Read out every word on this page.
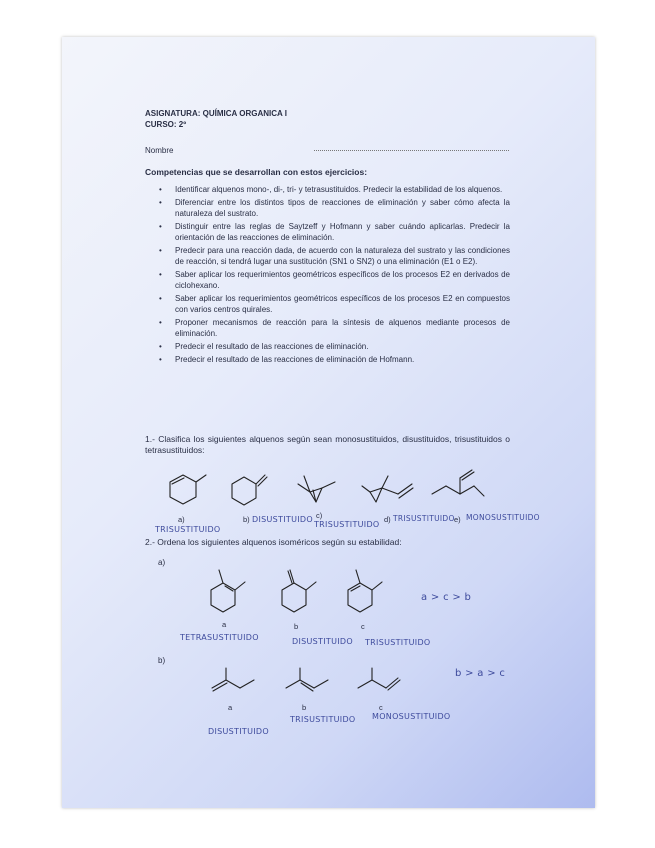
ASIGNATURA: QUÍMICA ORGANICA I
CURSO: 2º
Nombre
Competencias que se desarrollan con estos ejercicios:
• Identificar alquenos mono-, di-, tri- y tetrasustituidos. Predecir la estabilidad de los alquenos.
• Diferenciar entre los distintos tipos de reacciones de eliminación y saber cómo afecta la naturaleza del sustrato.
• Distinguir entre las reglas de Saytzeff y Hofmann y saber cuándo aplicarlas. Predecir la orientación de las reacciones de eliminación.
• Predecir para una reacción dada, de acuerdo con la naturaleza del sustrato y las condiciones de reacción, si tendrá lugar una sustitución (SN1 o SN2) o una eliminación (E1 o E2).
• Saber aplicar los requerimientos geométricos específicos de los procesos E2 en derivados de ciclohexano.
• Saber aplicar los requerimientos geométricos específicos de los procesos E2 en compuestos con varios centros quirales.
• Proponer mecanismos de reacción para la síntesis de alquenos mediante procesos de eliminación.
• Predecir el resultado de las reacciones de eliminación.
• Predecir el resultado de las reacciones de eliminación de Hofmann.
1.- Clasifica los siguientes alquenos según sean monosustituidos, disustituidos, trisustituidos o tetrasustituidos:
a)	b)	c)	d)	e)
TRISUSTITUIDO
DISUSTITUIDO
TRISUSTITUIDO
TRISUSTITUIDO MONOSUSTITUIDO
2.- Ordena los siguientes alquenos isoméricos según su estabilidad:
a)
a	b	c
TETRASUSTITUIDO	DISUSTITUIDO TRISUSTITUIDO
a > c > b
b)
a	b	c
DISUSTITUIDO
TRISUSTITUIDO MONOSUSTITUIDO
b > a > c
